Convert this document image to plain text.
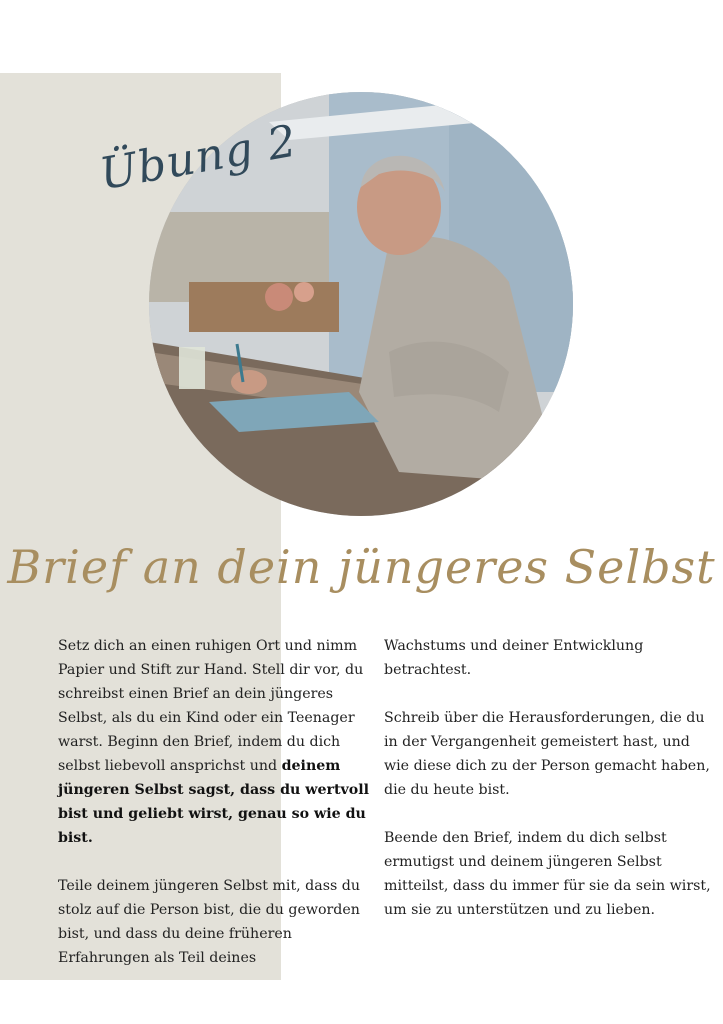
Übung 2
Brief an dein jüngeres Selbst

Setz dich an einen ruhigen Ort und nimm Papier und Stift zur Hand. Stell dir vor, du schreibst einen Brief an dein jüngeres Selbst, als du ein Kind oder ein Teenager warst. Beginn den Brief, indem du dich selbst liebevoll ansprichst und deinem jüngeren Selbst sagst, dass du wertvoll bist und geliebt wirst, genau so wie du bist.

Teile deinem jüngeren Selbst mit, dass du stolz auf die Person bist, die du geworden bist, und dass du deine früheren Erfahrungen als Teil deines

Wachstums und deiner Entwicklung betrachtest.

Schreib über die Herausforderungen, die du in der Vergangenheit gemeistert hast, und wie diese dich zu der Person gemacht haben, die du heute bist.

Beende den Brief, indem du dich selbst ermutigst und deinem jüngeren Selbst mitteilst, dass du immer für sie da sein wirst, um sie zu unterstützen und zu lieben.
